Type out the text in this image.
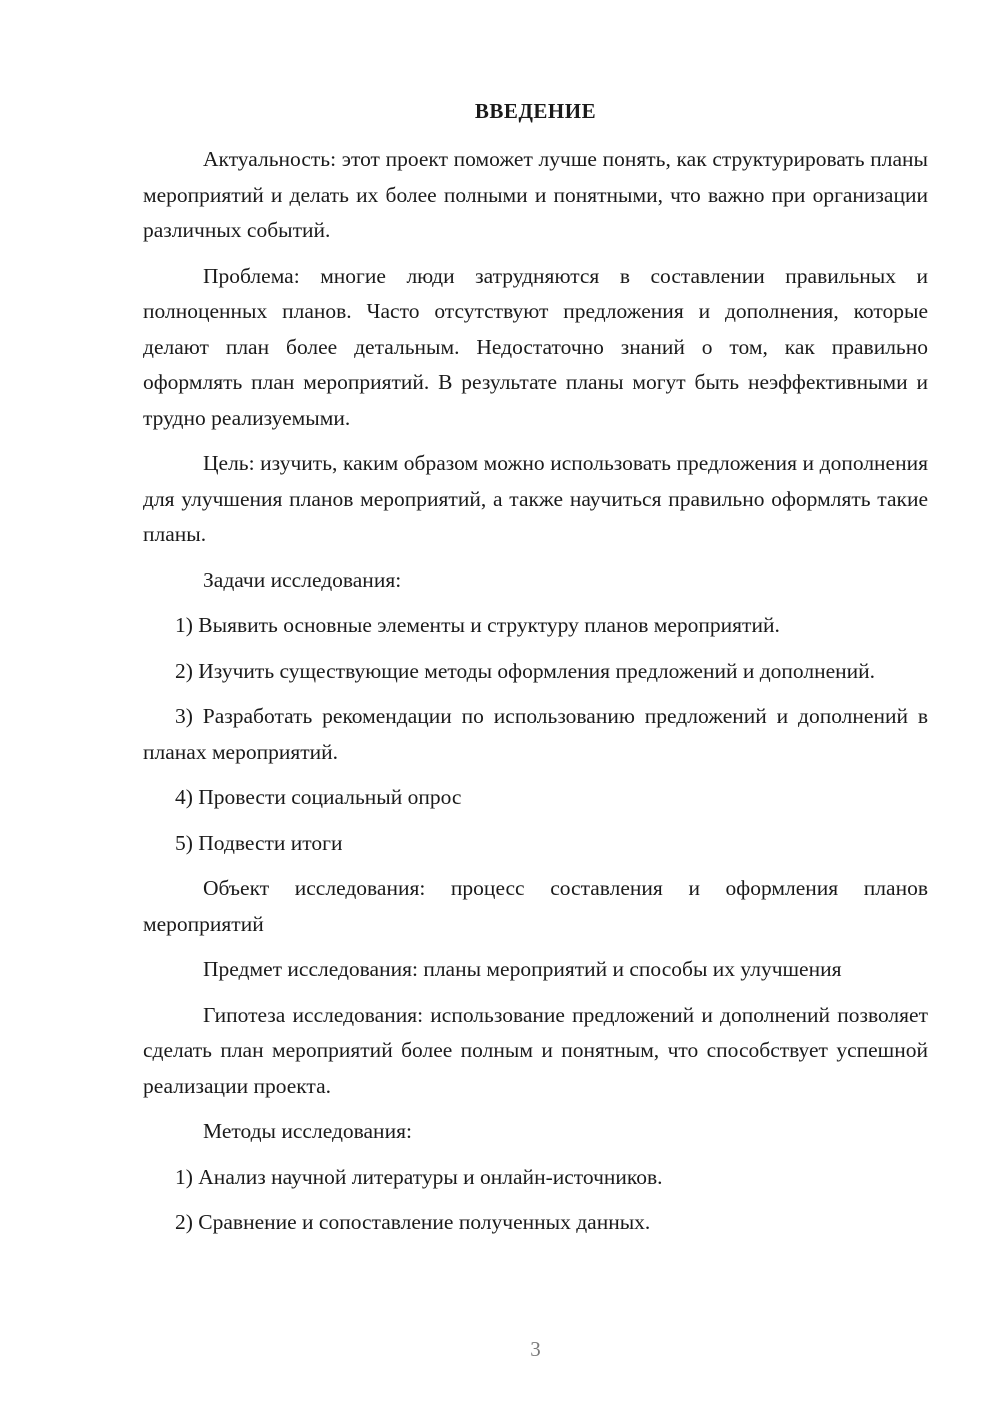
ВВЕДЕНИЕ

Актуальность: этот проект поможет лучше понять, как структурировать планы мероприятий и делать их более полными и понятными, что важно при организации различных событий.

Проблема: многие люди затрудняются в составлении правильных и полноценных планов. Часто отсутствуют предложения и дополнения, которые делают план более детальным. Недостаточно знаний о том, как правильно оформлять план мероприятий. В результате планы могут быть неэффективными и трудно реализуемыми.

Цель: изучить, каким образом можно использовать предложения и дополнения для улучшения планов мероприятий, а также научиться правильно оформлять такие планы.

Задачи исследования:

1) Выявить основные элементы и структуру планов мероприятий.

2) Изучить существующие методы оформления предложений и дополнений.

3) Разработать рекомендации по использованию предложений и дополнений в планах мероприятий.

4) Провести социальный опрос

5) Подвести итоги

Объект исследования: процесс составления и оформления планов мероприятий

Предмет исследования: планы мероприятий и способы их улучшения

Гипотеза исследования: использование предложений и дополнений позволяет сделать план мероприятий более полным и понятным, что способствует успешной реализации проекта.

Методы исследования:

1) Анализ научной литературы и онлайн-источников.

2) Сравнение и сопоставление полученных данных.

3
